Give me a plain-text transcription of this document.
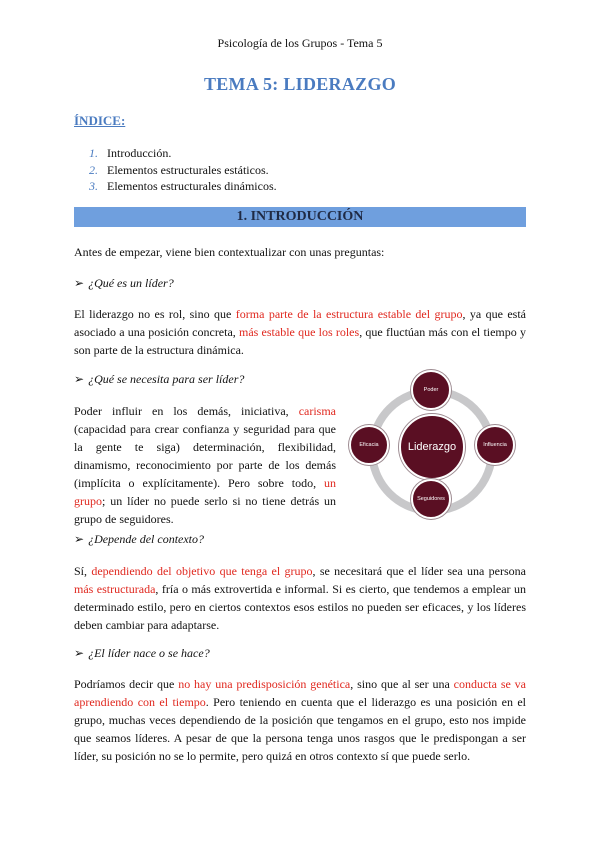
Psicología de los Grupos - Tema 5
TEMA 5: LIDERAZGO
ÍNDICE:
1. Introducción.
2. Elementos estructurales estáticos.
3. Elementos estructurales dinámicos.
1. INTRODUCCIÓN

Antes de empezar, viene bien contextualizar con unas preguntas:

➢ ¿Qué es un líder?

El liderazgo no es rol, sino que forma parte de la estructura estable del grupo, ya que está asociado a una posición concreta, más estable que los roles, que fluctúan más con el tiempo y son parte de la estructura dinámica.

➢ ¿Qué se necesita para ser líder?

Poder influir en los demás, iniciativa, carisma (capacidad para crear confianza y seguridad para que la gente te siga) determinación, flexibilidad, dinamismo, reconocimiento por parte de los demás (implícita o explícitamente). Pero sobre todo, un grupo; un líder no puede serlo si no tiene detrás un grupo de seguidores.

Liderazgo
Poder
Eficacia	Influencia
Seguidores
➢ ¿Depende del contexto?

Sí, dependiendo del objetivo que tenga el grupo, se necesitará que el líder sea una persona más estructurada, fría o más extrovertida e informal. Si es cierto, que tendemos a emplear un determinado estilo, pero en ciertos contextos esos estilos no pueden ser eficaces, y los líderes deben cambiar para adaptarse.

➢ ¿El líder nace o se hace?

Podríamos decir que no hay una predisposición genética, sino que al ser una conducta se va aprendiendo con el tiempo. Pero teniendo en cuenta que el liderazgo es una posición en el grupo, muchas veces dependiendo de la posición que tengamos en el grupo, esto nos impide que seamos líderes. A pesar de que la persona tenga unos rasgos que le predispongan a ser líder, su posición no se lo permite, pero quizá en otros contexto sí que puede serlo.
